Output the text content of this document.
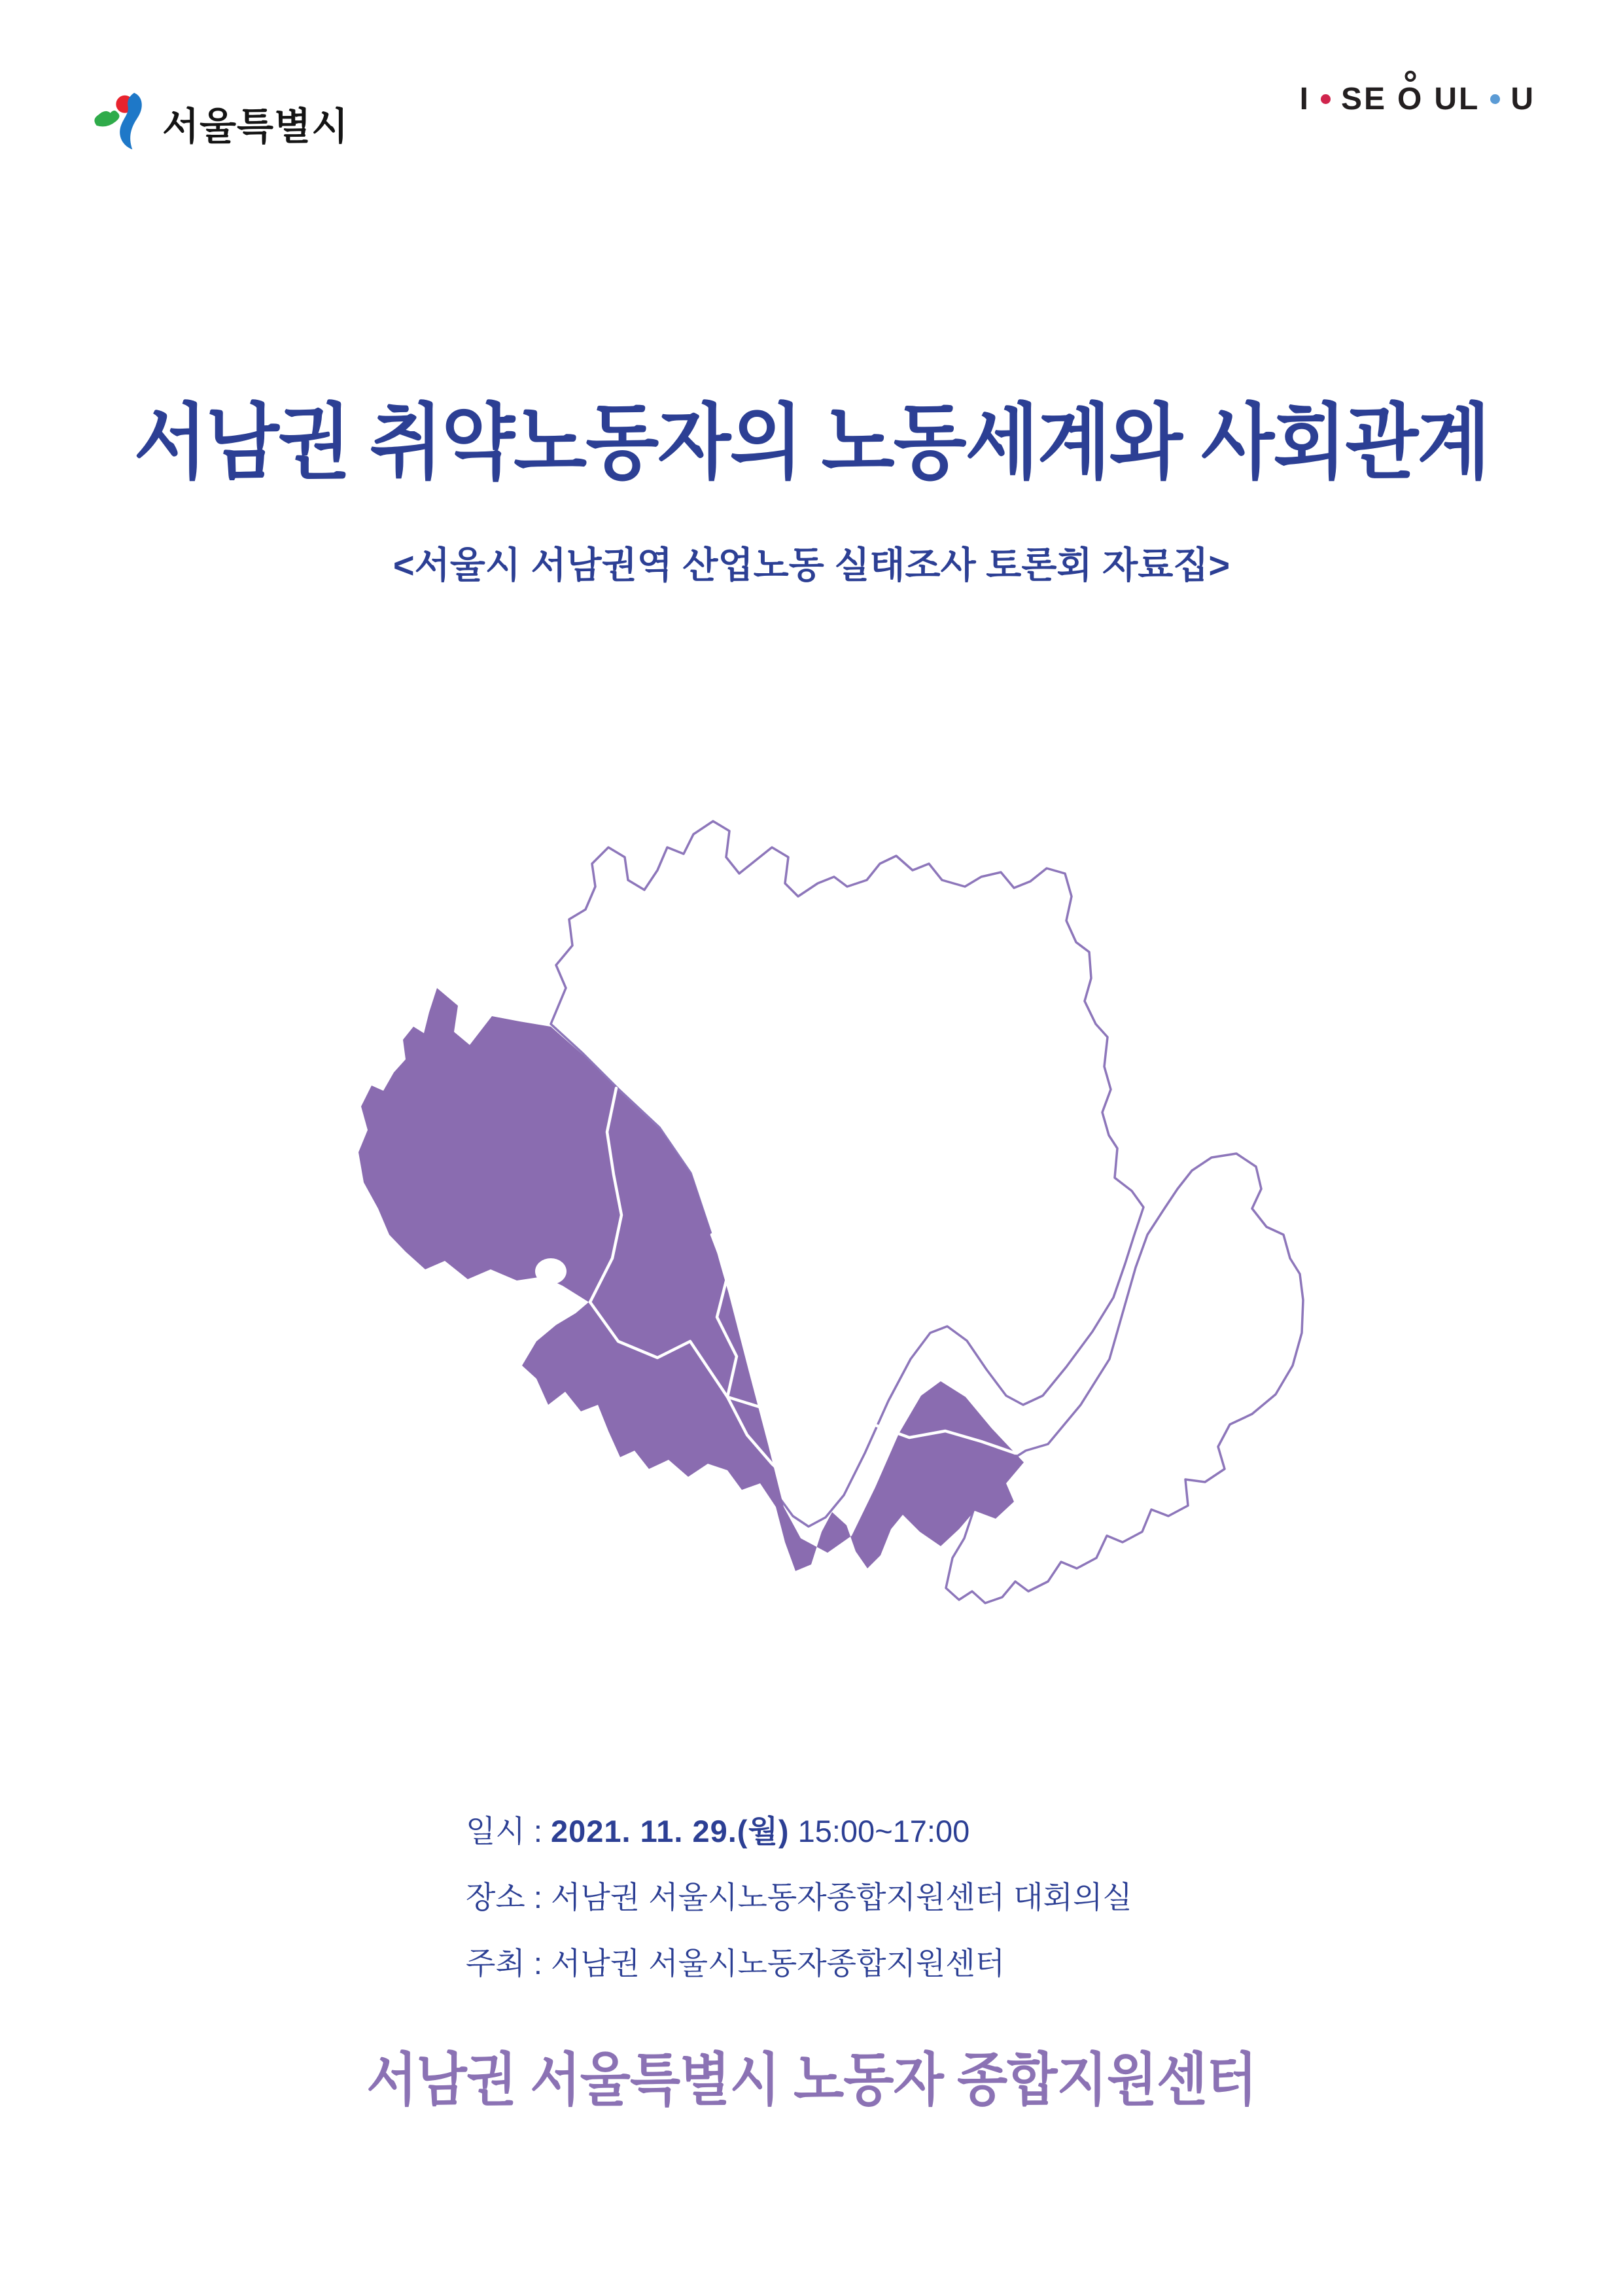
서울특별시
I SE O UL U
서남권 취약노동자의 노동세계와 사회관계
<서울시 서남권역 산업노동 실태조사 토론회 자료집>
일시 : 2021. 11. 29.(월) 15:00~17:00
장소 : 서남권 서울시노동자종합지원센터 대회의실
주최 : 서남권 서울시노동자종합지원센터
서남권 서울특별시 노동자 종합지원센터
